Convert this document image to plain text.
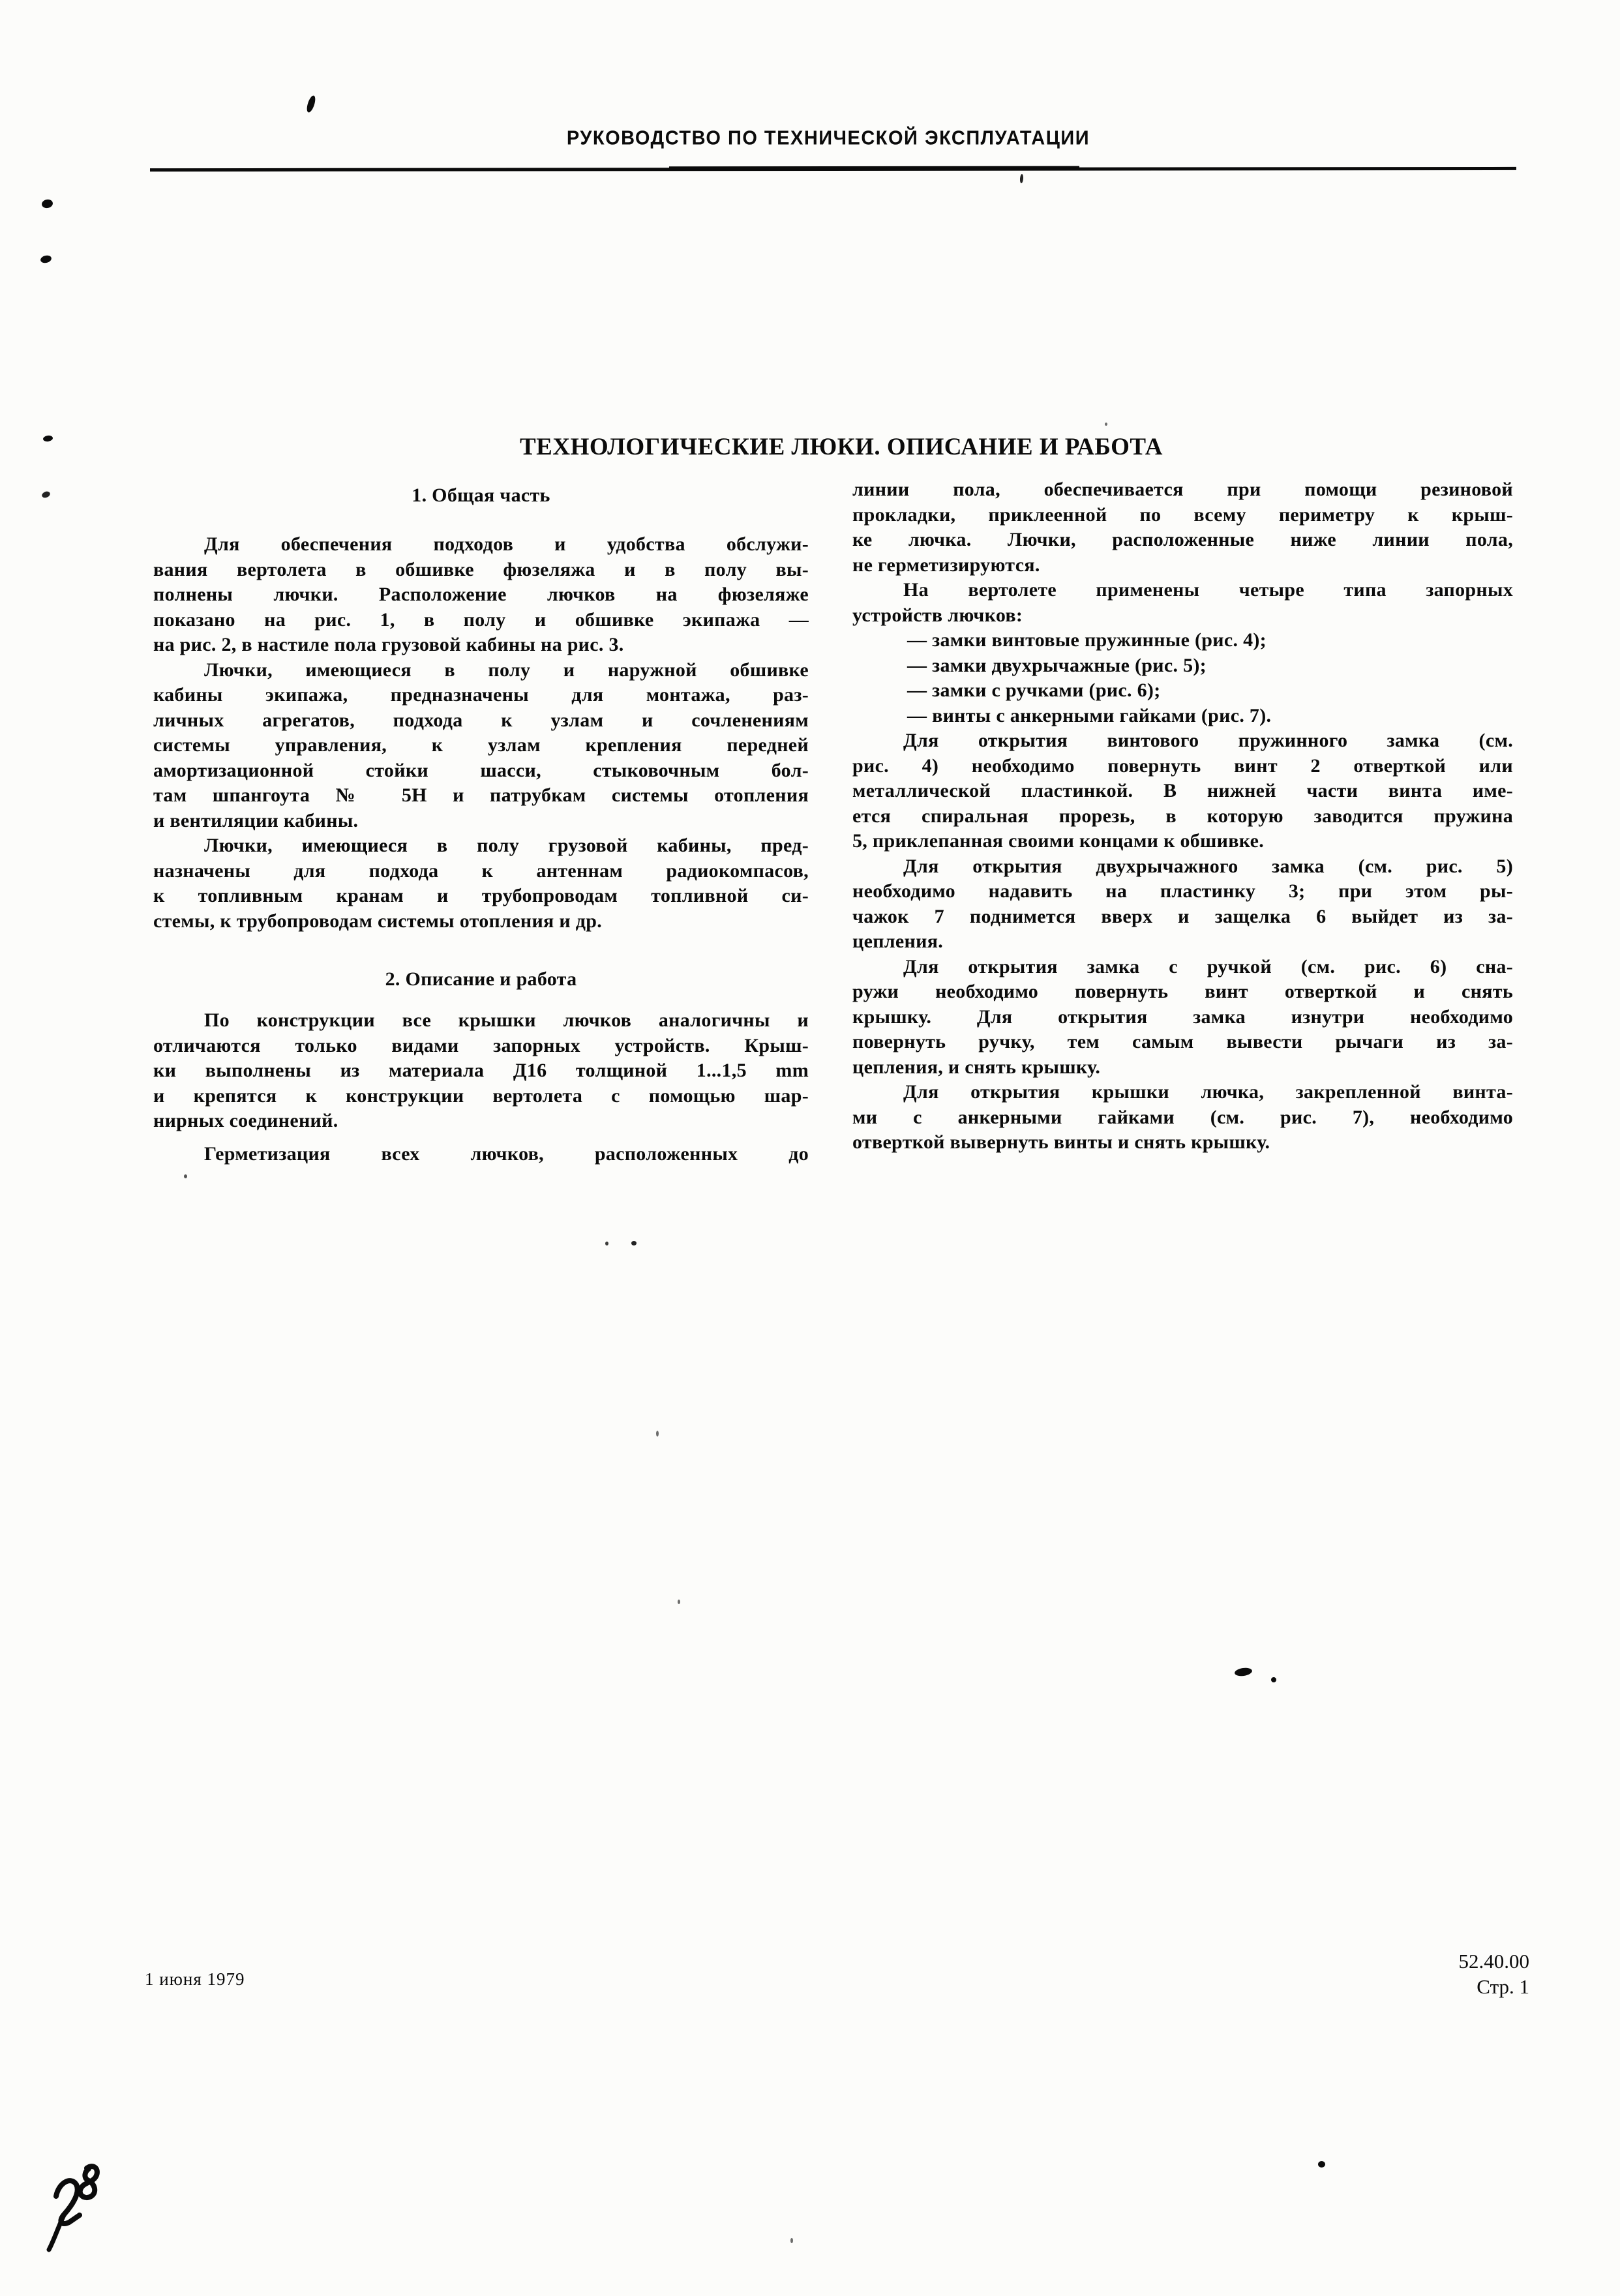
РУКОВОДСТВО ПО ТЕХНИЧЕСКОЙ ЭКСПЛУАТАЦИИ
ТЕХНОЛОГИЧЕСКИЕ ЛЮКИ. ОПИСАНИЕ И РАБОТА
1. Общая часть
Для обеспечения подходов и удобства обслужи-
вания вертолета в обшивке фюзеляжа и в полу вы-
полнены лючки. Расположение лючков на фюзеляже
показано на рис. 1, в полу и обшивке экипажа —
на рис. 2, в настиле пола грузовой кабины на рис. 3.
Лючки, имеющиеся в полу и наружной обшивке
кабины экипажа, предназначены для монтажа, раз-
личных агрегатов, подхода к узлам и сочленениям
системы управления, к узлам крепления передней
амортизационной стойки шасси, стыковочным бол-
там шпангоута № 5Н и патрубкам системы отопления
и вентиляции кабины.
Лючки, имеющиеся в полу грузовой кабины, пред-
назначены для подхода к антеннам радиокомпасов,
к топливным кранам и трубопроводам топливной си-
стемы, к трубопроводам системы отопления и др.
2. Описание и работа
По конструкции все крышки лючков аналогичны и
отличаются только видами запорных устройств. Крыш-
ки выполнены из материала Д16 толщиной 1...1,5 mm
и крепятся к конструкции вертолета с помощью шар-
нирных соединений.
Герметизация всех лючков, расположенных до
линии пола, обеспечивается при помощи резиновой
прокладки, приклеенной по всему периметру к крыш-
ке лючка. Лючки, расположенные ниже линии пола,
не герметизируются.
На вертолете применены четыре типа запорных
устройств лючков:
— замки винтовые пружинные (рис. 4);
— замки двухрычажные (рис. 5);
— замки с ручками (рис. 6);
— винты с анкерными гайками (рис. 7).
Для открытия винтового пружинного замка (см.
рис. 4) необходимо повернуть винт 2 отверткой или
металлической пластинкой. В нижней части винта име-
ется спиральная прорезь, в которую заводится пружина
5, приклепанная своими концами к обшивке.
Для открытия двухрычажного замка (см. рис. 5)
необходимо надавить на пластинку 3; при этом ры-
чажок 7 поднимется вверх и защелка 6 выйдет из за-
цепления.
Для открытия замка с ручкой (см. рис. 6) сна-
ружи необходимо повернуть винт отверткой и снять
крышку. Для открытия замка изнутри необходимо
повернуть ручку, тем самым вывести рычаги из за-
цепления, и снять крышку.
Для открытия крышки лючка, закрепленной винта-
ми с анкерными гайками (см. рис. 7), необходимо
отверткой вывернуть винты и снять крышку.
1 июня 1979
52.40.00
Стр. 1
